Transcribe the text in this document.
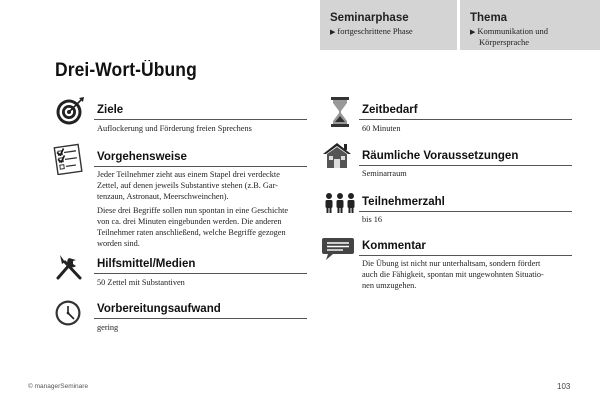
Seminarphase
▶ fortgeschrittene Phase
Thema
▶ Kommunikation und
Körpersprache
Drei-Wort-Übung
Ziele
Auflockerung und Förderung freien Sprechens
Vorgehensweise

Jeder Teilnehmer zieht aus einem Stapel drei verdeckte
Zettel, auf denen jeweils Substantive stehen (z.B. Gar-
tenzaun, Astronaut, Meerschweinchen).

Diese drei Begriffe sollen nun spontan in eine Geschichte
von ca. drei Minuten eingebunden werden. Die anderen
Teilnehmer raten anschließend, welche Begriffe gezogen
worden sind.

Hilfsmittel/Medien
50 Zettel mit Substantiven
Vorbereitungsaufwand
gering
Zeitbedarf
60 Minuten
Räumliche Voraussetzungen
Seminarraum
Teilnehmerzahl
bis 16
Kommentar
Die Übung ist nicht nur unterhaltsam, sondern fördert
auch die Fähigkeit, spontan mit ungewohnten Situatio-
nen umzugehen.
© managerSeminare	103
